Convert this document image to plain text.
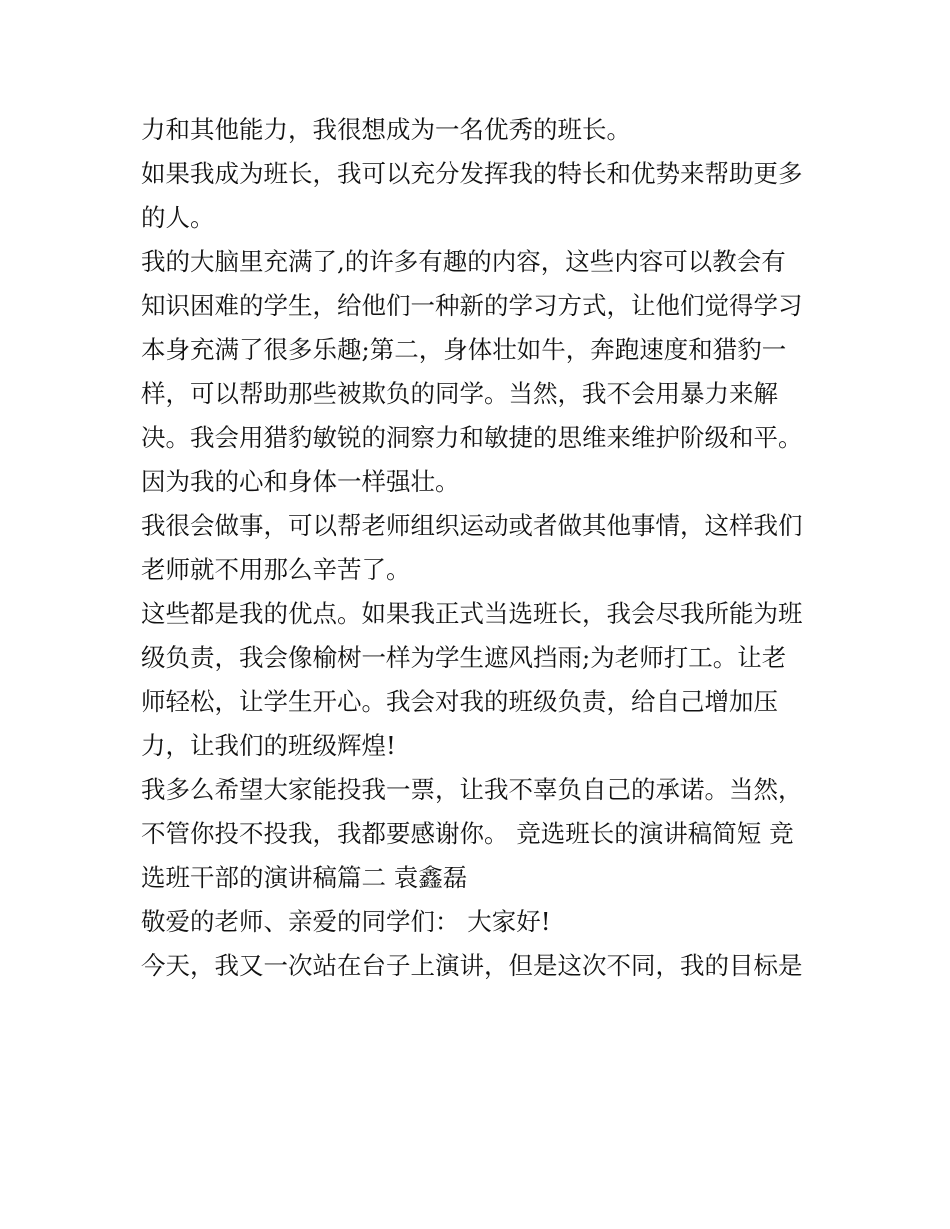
力和其他能力，我很想成为一名优秀的班长。
如果我成为班长，我可以充分发挥我的特长和优势来帮助更多
的人。
我的大脑里充满了,的许多有趣的内容，这些内容可以教会有
知识困难的学生，给他们一种新的学习方式，让他们觉得学习
本身充满了很多乐趣;第二，身体壮如牛，奔跑速度和猎豹一
样，可以帮助那些被欺负的同学。当然，我不会用暴力来解
决。我会用猎豹敏锐的洞察力和敏捷的思维来维护阶级和平。
因为我的心和身体一样强壮。
我很会做事，可以帮老师组织运动或者做其他事情，这样我们
老师就不用那么辛苦了。
这些都是我的优点。如果我正式当选班长，我会尽我所能为班
级负责，我会像榆树一样为学生遮风挡雨;为老师打工。让老
师轻松，让学生开心。我会对我的班级负责，给自己增加压
力，让我们的班级辉煌!
我多么希望大家能投我一票，让我不辜负自己的承诺。当然，
不管你投不投我，我都要感谢你。 竞选班长的演讲稿简短 竞
选班干部的演讲稿篇二 袁鑫磊
敬爱的老师、亲爱的同学们： 大家好!
今天，我又一次站在台子上演讲，但是这次不同，我的目标是
